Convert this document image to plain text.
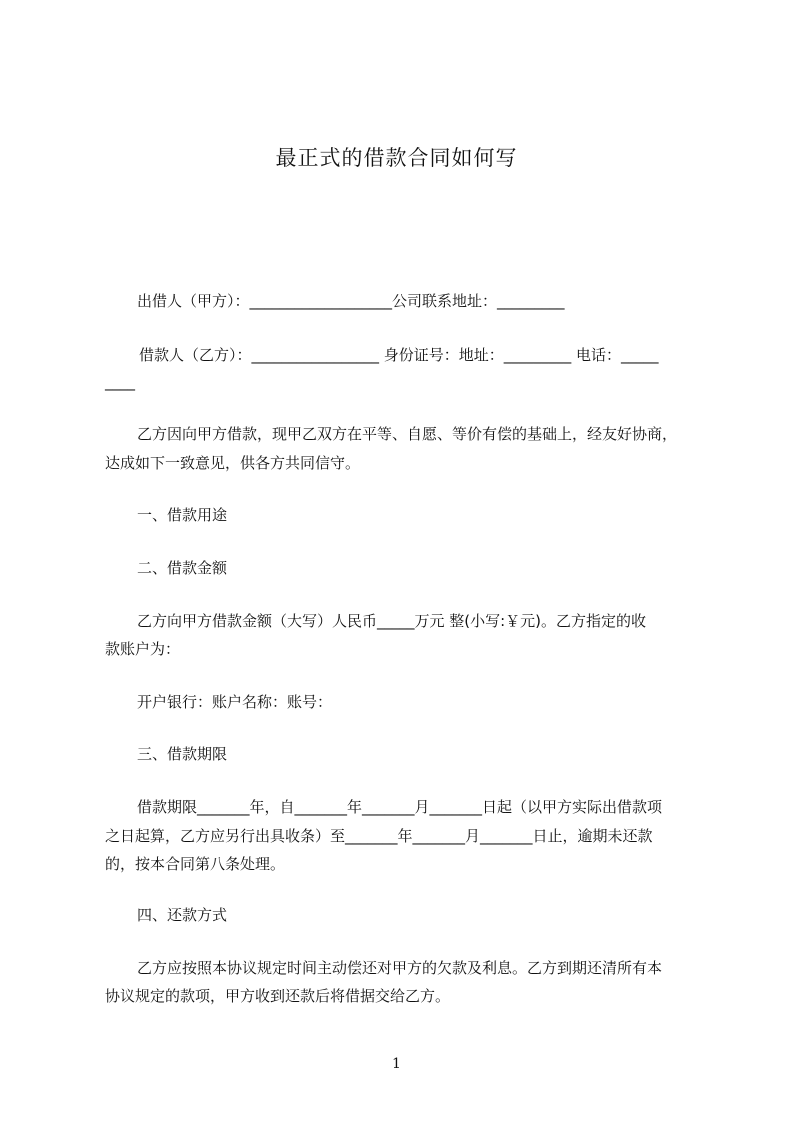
最正式的借款合同如何写
出借人（甲方）：___________________公司联系地址：_________
借款人（乙方）：_________________ 身份证号：地址：_________ 电话：_____
____
乙方因向甲方借款，现甲乙双方在平等、自愿、等价有偿的基础上，经友好协商，
达成如下一致意见，供各方共同信守。
一、借款用途
二、借款金额
乙方向甲方借款金额（大写）人民币_____万元 整(小写:￥元)。乙方指定的收
款账户为：
开户银行：账户名称：账号：
三、借款期限
借款期限_______年，自_______年_______月_______日起（以甲方实际出借款项
之日起算，乙方应另行出具收条）至_______年_______月_______日止，逾期未还款
的，按本合同第八条处理。
四、还款方式
乙方应按照本协议规定时间主动偿还对甲方的欠款及利息。乙方到期还清所有本
协议规定的款项，甲方收到还款后将借据交给乙方。
1
